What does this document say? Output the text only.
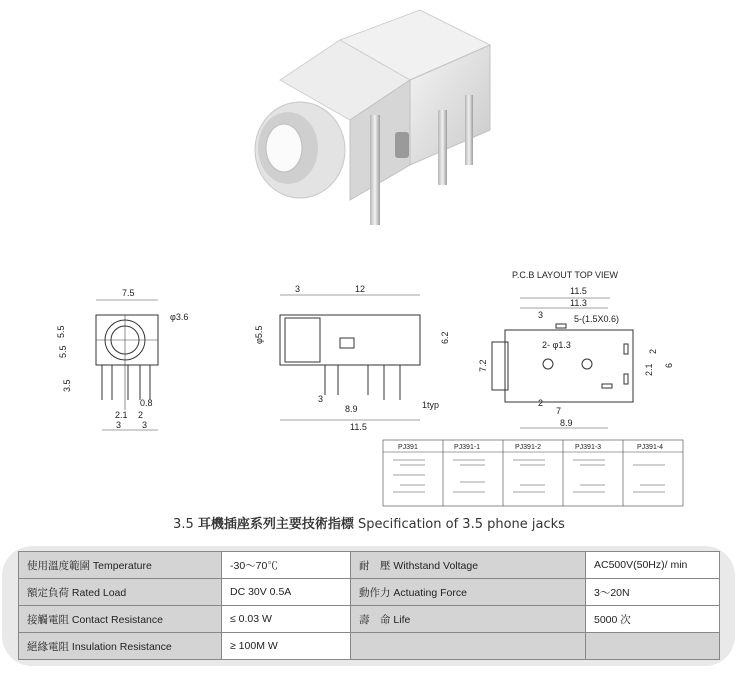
7.5
φ3.6
5.5
5.5
3.5
0.8
2.1 2
3 3
3	12
φ5.5	6.2
3
8.9	1typ
11.5
P.C.B LAYOUT TOP VIEW
11.5
11.3
3	5-(1.5X0.6)
2- φ1.3
7.2
2
6
2.1
2
7
8.9
PJ391	PJ391-1	PJ391-2	PJ391-3	PJ391-4
3.5 耳機插座系列主要技術指標 Specification of 3.5 phone jacks
使用溫度範圍 Temperature	-30～70℃	耐　壓 Withstand Voltage	AC500V(50Hz)/ min
額定負荷 Rated Load	DC 30V 0.5A	動作力 Actuating Force	3～20N
接觸電阻 Contact Resistance	≤ 0.03 W	壽　命 Life	5000 次
絕緣電阻 Insulation Resistance	≥ 100M W		
